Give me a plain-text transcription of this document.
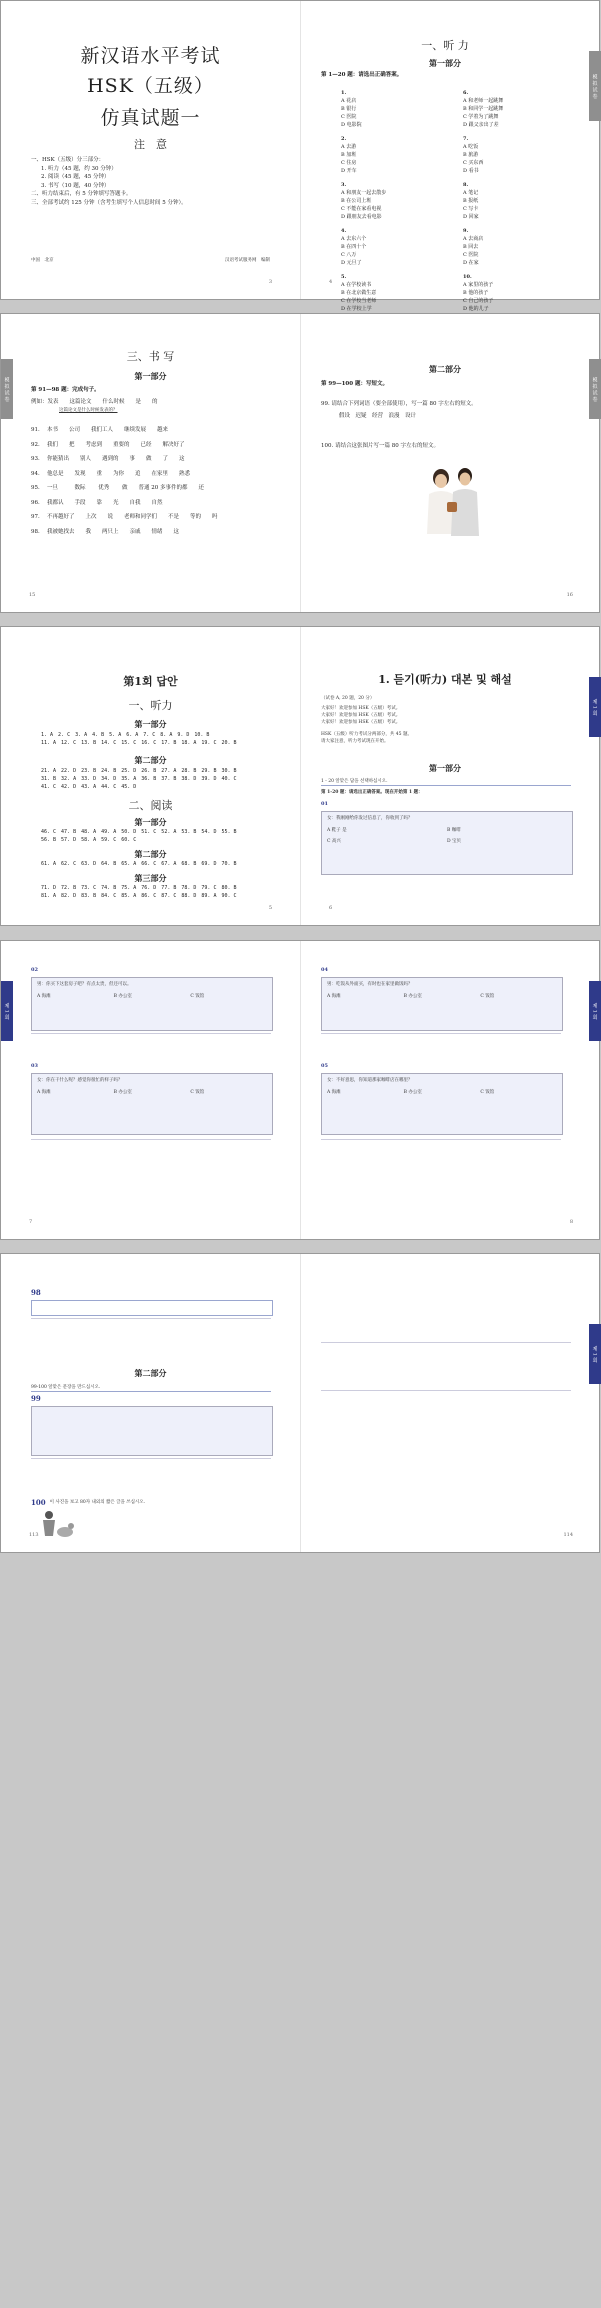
新汉语水平考试
HSK（五级）
仿真试题一
注　意
一、HSK（五级）分三部分：
1. 听力（45 题，约 30 分钟）
2. 阅读（45 题，45 分钟）
3. 书写（10 题，40 分钟）
二、听力结束后，有 5 分钟填写答题卡。
三、全部考试约 125 分钟（含考生填写个人信息时间 5 分钟）。
中国　北京	汉语考试服务网　编制
3
一、听 力
第一部分
第 1—20 题：请选出正确答案。
1.
A 花店
B 银行
C 医院
D 电影院
2.
A 去游
B 加班
C 住房
D 开车
3.
A 和朋友一起去散步
B 在公司上班
C 不能在家看电视
D 跟朋友去看电影
4.
A 去东六个
B 在四十个
C 八万
D 元旦了
5.
A 在学校读书
B 在北京做生意
C 在学校当老师
D 在学校上学
6.
A 和老师一起跳舞
B 和同学一起跳舞
C 学着为了跳舞
D 跟父亲出了差
7.
A 吃饭
B 旅游
C 买东西
D 看书
8.
A 笔记
B 报纸
C 写卡
D 回家
9.
A 去商店
B 回去
C 医院
D 在家
10.
A 家里的孩子
B 他的孩子
C 自己的孩子
D 他的儿子
模 拟 试 卷
4
模 拟 试 卷
三、书 写
第一部分
第 91—98 题：完成句子。
例如：发表　　这篇论文　　什么时候　　是　　的
这篇论文是什么时候发表的？
91.	本书　　公司　　我们工人　　继续发展　　越来
92.	我们　　把　　考虑到　　重要的　　已经　　解决好了
93.	你能猜出　　别人　　遇到的　　事　　做　　了　　这
94.	他总是　　发现　　重　　为你　　追　　在家里　　熟悉
95.	一旦　　　数际　　 优秀　　 做　　普通 20 多事件的都　　还
96.	我都认　　手段　　靠　　光　　自我　　自然
97.	不再越好了　　上次　　说　　老师和同学们　　不是　　等的　　吗
98.	我被她找去　　我　　两只上　　亲戚　　情绪　　这
15
模 拟 试 卷
第二部分
第 99—100 题：写短文。
99. 请结合下列词语（要全部使用），写一篇 80 字左右的短文。
假设　迟疑　经营　浪漫　设计
100. 请结合这张图片写一篇 80 字左右的短文。
16
第1회 답안
一、听力
第一部分
1. A　2. C　3. A　4. B　5. A　6. A　7. C　8. A　9. D　10. B
11. A　12. C　13. B　14. C　15. C　16. C　17. B　18. A　19. C　20. B
第二部分
21. A　22. D　23. B　24. B　25. D　26. B　27. A　28. B　29. B　30. B
31. B　32. A　33. D　34. D　35. A　36. B　37. B　38. D　39. D　40. C
41. C　42. D　43. A　44. C　45. D
二、阅读
第一部分
46. C　47. B　48. A　49. A　50. D　51. C　52. A　53. B　54. D　55. B
56. B　57. D　58. A　59. C　60. C
第二部分
61. A　62. C　63. D　64. B　65. A　66. C　67. A　68. B　69. D　70. B
第三部分
71. D　72. B　73. C　74. B　75. A　76. D　77. B　78. D　79. C　80. B
81. A　82. D　83. B　84. C　85. A　86. C　87. C　88. D　89. A　90. C
5
1. 듣기(听力) 대본 및 해설
（试卷 A, 20 题，20 分）
大家好！欢迎参加 HSK（五级）考试。
大家好！欢迎参加 HSK（五级）考试。
大家好！欢迎参加 HSK（五级）考试。
HSK（五级）听力考试分两部分，共 45 题。
请大家注意，听力考试现在开始。
第一部分
1 - 20 알맞은 답을 선택하십시오.
第 1-20 题：请选出正确答案。现在开始第 1 题：
01
女：我刚刚给你发过信息了，你收到了吗？
A 鞋子 是	B 咖啡
C 高兴	D 宝贝
제 1 회
6
제 1 회
02
男：你买下这套房子吧？有点太贵，但还可以。
A 海滩	B 办公室	C 饭馆
03
女：你在干什么呢？感觉你很忙的样子吗？
A 海滩	B 办公室	C 饭馆
7
제 1 회
04
男：吃饭从外面买，有时也在家里做饭吗？
A 海滩	B 办公室	C 饭馆
05
女：不好意思，你知道那家咖啡店在哪里？
A 海滩	B 办公室	C 饭馆
8
98
第二部分
99-100 알맞은 문장을 만드십시오.
99
100 이 사진을 보고 80자 내외의 짧은 글을 쓰십시오.
113
제 1 회
114
